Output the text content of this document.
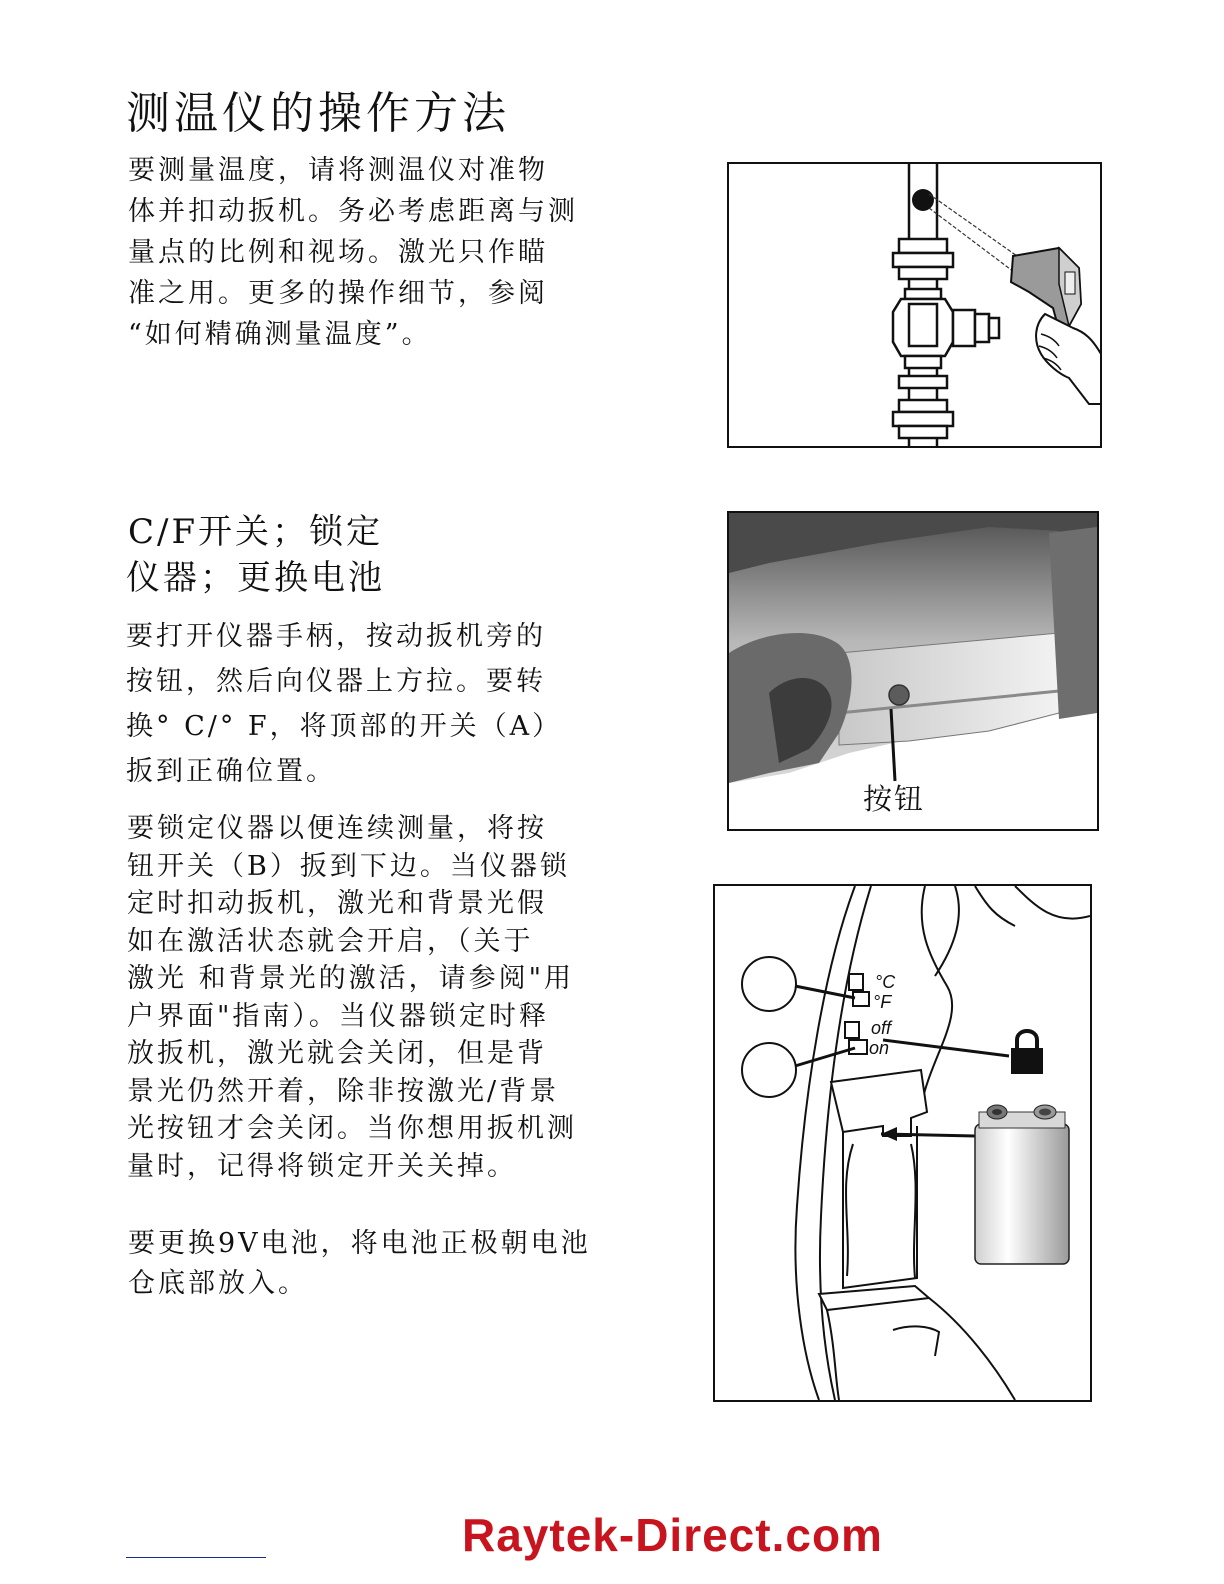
测温仪的操作方法

要测量温度，请将测温仪对准物
体并扣动扳机。务必考虑距离与测
量点的比例和视场。激光只作瞄
准之用。更多的操作细节，参阅
“如何精确测量温度”。

C/F开关；锁定
仪器；更换电池

要打开仪器手柄，按动扳机旁的
按钮，然后向仪器上方拉。要转
换° C/° F，将顶部的开关（A）
扳到正确位置。

要锁定仪器以便连续测量，将按
钮开关（B）扳到下边。当仪器锁
定时扣动扳机，激光和背景光假
如在激活状态就会开启，（关于
激光 和背景光的激活，请参阅"用
户界面"指南）。当仪器锁定时释
放扳机，激光就会关闭，但是背
景光仍然开着，除非按激光/背景
光按钮才会关闭。当你想用扳机测
量时，记得将锁定开关关掉。

要更换9V电池，将电池正极朝电池
仓底部放入。

按钮
°C
°F
off
on
Raytek-Direct.com
